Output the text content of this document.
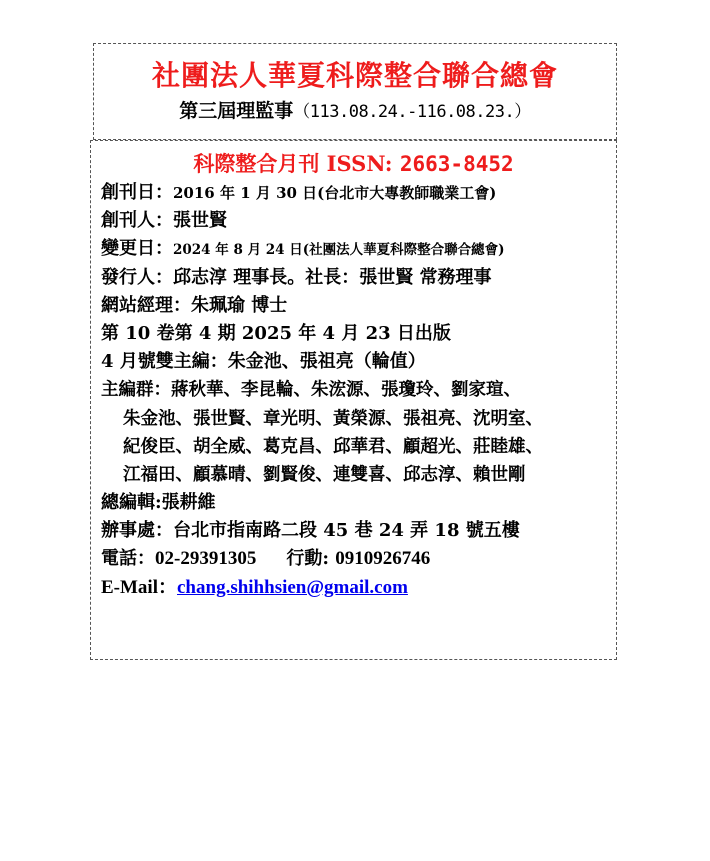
社團法人華夏科際整合聯合總會
第三屆理監事（113.08.24.-116.08.23.）
科際整合月刊 ISSN: 2663-8452
創刊日：2016 年 1 月 30 日(台北市大專教師職業工會)
創刊人：張世賢
變更日：2024 年 8 月 24 日(社團法人華夏科際整合聯合總會)
發行人：邱志淳 理事長。社長：張世賢 常務理事
網站經理：朱珮瑜 博士
第 10 卷第 4 期 2025 年 4 月 23 日出版
4 月號雙主編：朱金池、張祖亮（輪值）
主編群：蔣秋華、李昆輪、朱浤源、張瓊玲、劉家瑄、
朱金池、張世賢、章光明、黃榮源、張祖亮、沈明室、
紀俊臣、胡全威、葛克昌、邱華君、顧超光、莊睦雄、
江福田、顧慕晴、劉賢俊、連雙喜、邱志淳、賴世剛
總編輯:張耕維
辦事處：台北市指南路二段 45 巷 24 弄 18 號五樓
電話：02-29391305 行動: 0910926746
E-Mail：chang.shihhsien@gmail.com
